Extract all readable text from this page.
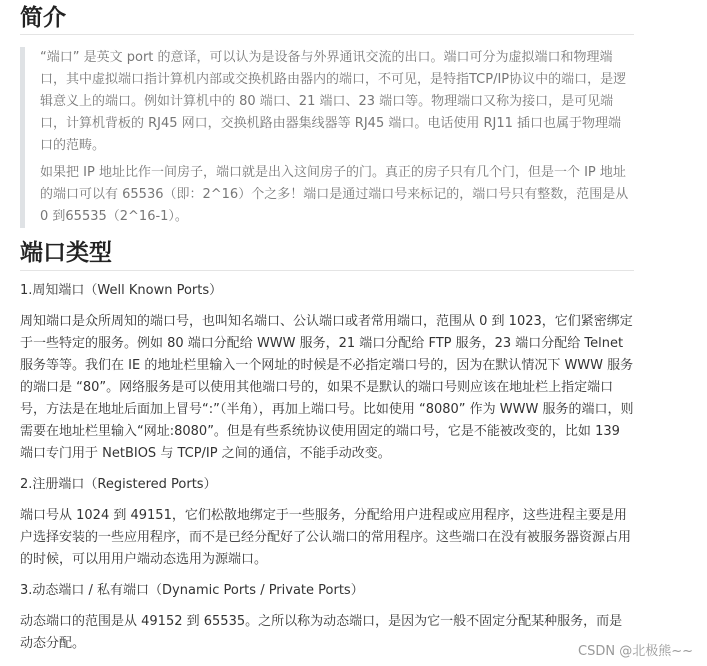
简介

“端口” 是英文 port 的意译，可以认为是设备与外界通讯交流的出口。端口可分为虚拟端口和物理端口，其中虚拟端口指计算机内部或交换机路由器内的端口，不可见，是特指TCP/IP协议中的端口，是逻辑意义上的端口。例如计算机中的 80 端口、21 端口、23 端口等。物理端口又称为接口，是可见端口，计算机背板的 RJ45 网口，交换机路由器集线器等 RJ45 端口。电话使用 RJ11 插口也属于物理端口的范畴。

如果把 IP 地址比作一间房子，端口就是出入这间房子的门。真正的房子只有几个门，但是一个 IP 地址的端口可以有 65536（即：2^16）个之多！端口是通过端口号来标记的，端口号只有整数，范围是从 0 到65535（2^16-1）。

端口类型

1.周知端口（Well Known Ports）

周知端口是众所周知的端口号，也叫知名端口、公认端口或者常用端口，范围从 0 到 1023，它们紧密绑定于一些特定的服务。例如 80 端口分配给 WWW 服务，21 端口分配给 FTP 服务，23 端口分配给 Telnet服务等等。我们在 IE 的地址栏里输入一个网址的时候是不必指定端口号的，因为在默认情况下 WWW 服务的端口是 “80”。网络服务是可以使用其他端口号的，如果不是默认的端口号则应该在地址栏上指定端口号，方法是在地址后面加上冒号“:”（半角），再加上端口号。比如使用 “8080” 作为 WWW 服务的端口，则需要在地址栏里输入“网址:8080”。但是有些系统协议使用固定的端口号，它是不能被改变的，比如 139 端口专门用于 NetBIOS 与 TCP/IP 之间的通信，不能手动改变。

2.注册端口（Registered Ports）

端口号从 1024 到 49151，它们松散地绑定于一些服务，分配给用户进程或应用程序，这些进程主要是用户选择安装的一些应用程序，而不是已经分配好了公认端口的常用程序。这些端口在没有被服务器资源占用的时候，可以用用户端动态选用为源端口。

3.动态端口 / 私有端口（Dynamic Ports / Private Ports）

动态端口的范围是从 49152 到 65535。之所以称为动态端口，是因为它一般不固定分配某种服务，而是动态分配。

CSDN @北极熊~~
